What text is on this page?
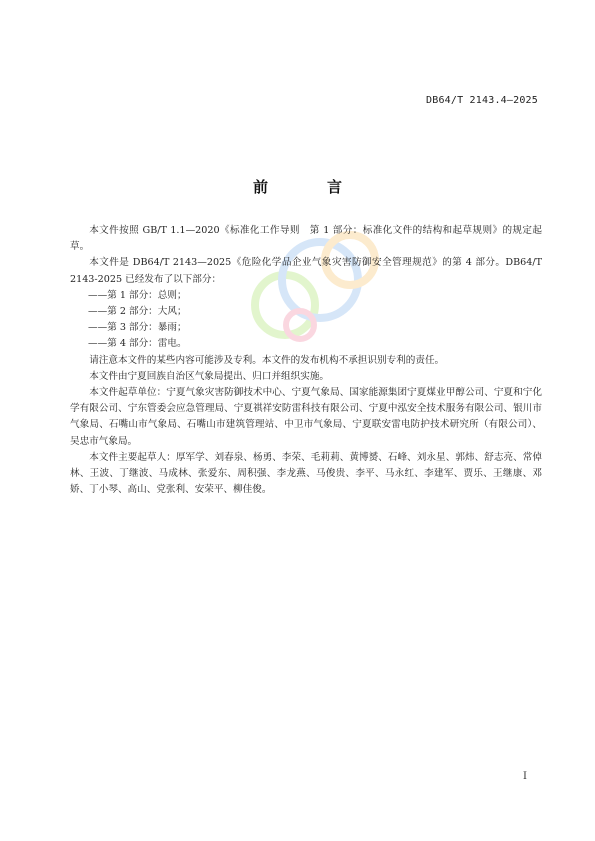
DB64/T 2143.4—2025
前　言

本文件按照 GB/T 1.1—2020《标准化工作导则　第 1 部分：标准化文件的结构和起草规则》的规定起草。

本文件是 DB64/T 2143—2025《危险化学品企业气象灾害防御安全管理规范》的第 4 部分。DB64/T 2143-2025 已经发布了以下部分：

——第 1 部分：总则；

——第 2 部分：大风；

——第 3 部分：暴雨；

——第 4 部分：雷电。

请注意本文件的某些内容可能涉及专利。本文件的发布机构不承担识别专利的责任。

本文件由宁夏回族自治区气象局提出、归口并组织实施。

本文件起草单位：宁夏气象灾害防御技术中心、宁夏气象局、国家能源集团宁夏煤业甲醇公司、宁夏和宁化学有限公司、宁东管委会应急管理局、宁夏祺祥安防雷科技有限公司、宁夏中泓安全技术服务有限公司、银川市气象局、石嘴山市气象局、石嘴山市建筑管理站、中卫市气象局、宁夏联安雷电防护技术研究所（有限公司）、吴忠市气象局。

本文件主要起草人：厚军学、刘春泉、杨勇、李荣、毛莉莉、黄博赟、石峰、刘永星、郭炜、舒志亮、常倬林、王波、丁继波、马成林、张爱东、周积强、李龙燕、马俊贵、李平、马永红、李建军、贾乐、王继康、邓娇、丁小琴、高山、党张利、安荣平、柳佳俊。

I
